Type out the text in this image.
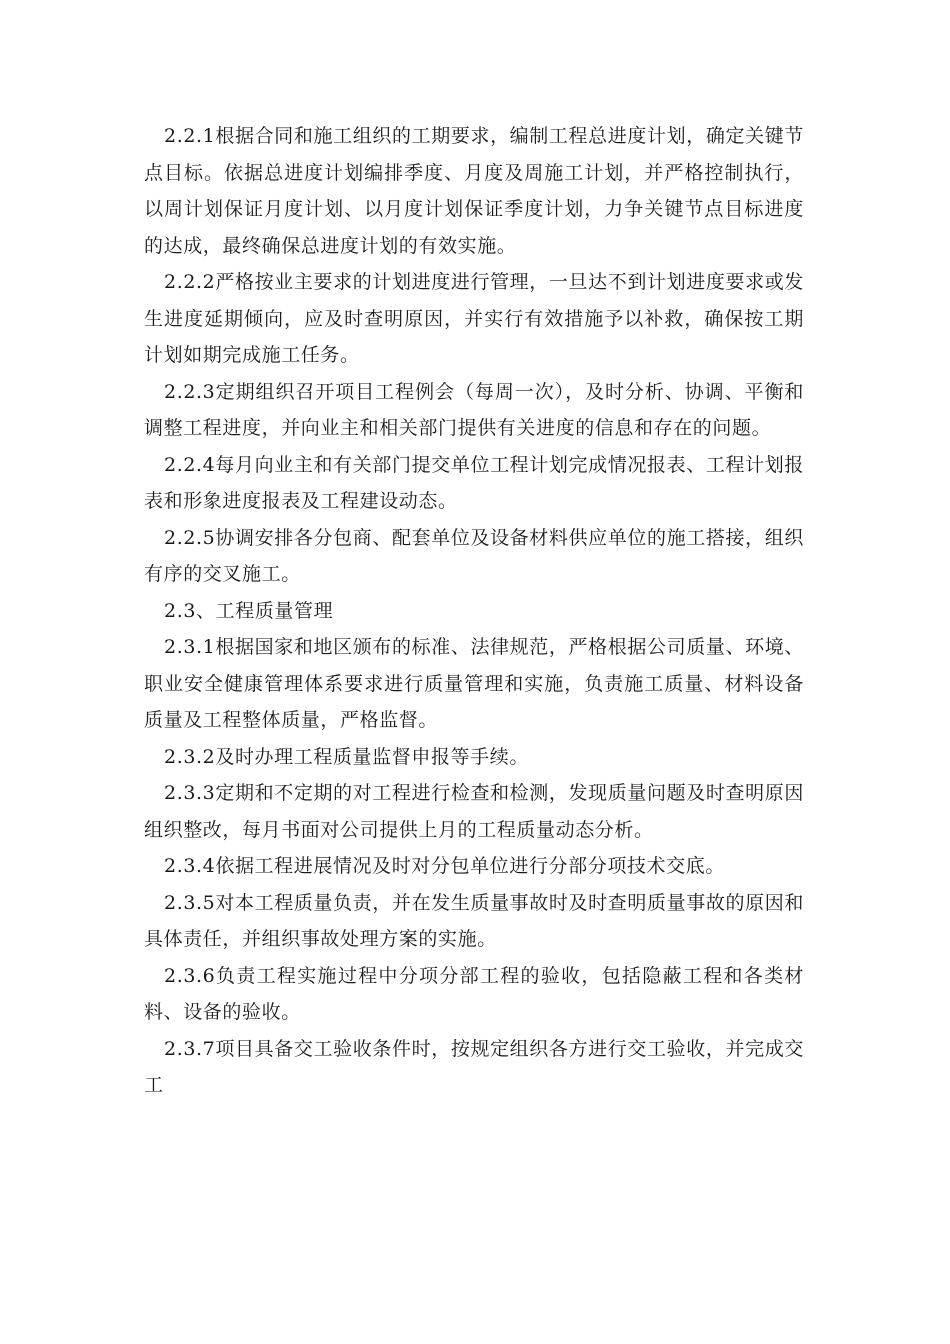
2.2.1根据合同和施工组织的工期要求，编制工程总进度计划，确定关键节点目标。依据总进度计划编排季度、月度及周施工计划，并严格控制执行，以周计划保证月度计划、以月度计划保证季度计划，力争关键节点目标进度的达成，最终确保总进度计划的有效实施。

2.2.2严格按业主要求的计划进度进行管理，一旦达不到计划进度要求或发生进度延期倾向，应及时查明原因，并实行有效措施予以补救，确保按工期计划如期完成施工任务。

2.2.3定期组织召开项目工程例会（每周一次），及时分析、协调、平衡和调整工程进度，并向业主和相关部门提供有关进度的信息和存在的问题。

2.2.4每月向业主和有关部门提交单位工程计划完成情况报表、工程计划报表和形象进度报表及工程建设动态。

2.2.5协调安排各分包商、配套单位及设备材料供应单位的施工搭接，组织有序的交叉施工。

2.3、工程质量管理

2.3.1根据国家和地区颁布的标准、法律规范，严格根据公司质量、环境、职业安全健康管理体系要求进行质量管理和实施，负责施工质量、材料设备质量及工程整体质量，严格监督。

2.3.2及时办理工程质量监督申报等手续。

2.3.3定期和不定期的对工程进行检查和检测，发现质量问题及时查明原因组织整改，每月书面对公司提供上月的工程质量动态分析。

2.3.4依据工程进展情况及时对分包单位进行分部分项技术交底。

2.3.5对本工程质量负责，并在发生质量事故时及时查明质量事故的原因和具体责任，并组织事故处理方案的实施。

2.3.6负责工程实施过程中分项分部工程的验收，包括隐蔽工程和各类材料、设备的验收。

2.3.7项目具备交工验收条件时，按规定组织各方进行交工验收，并完成交工
